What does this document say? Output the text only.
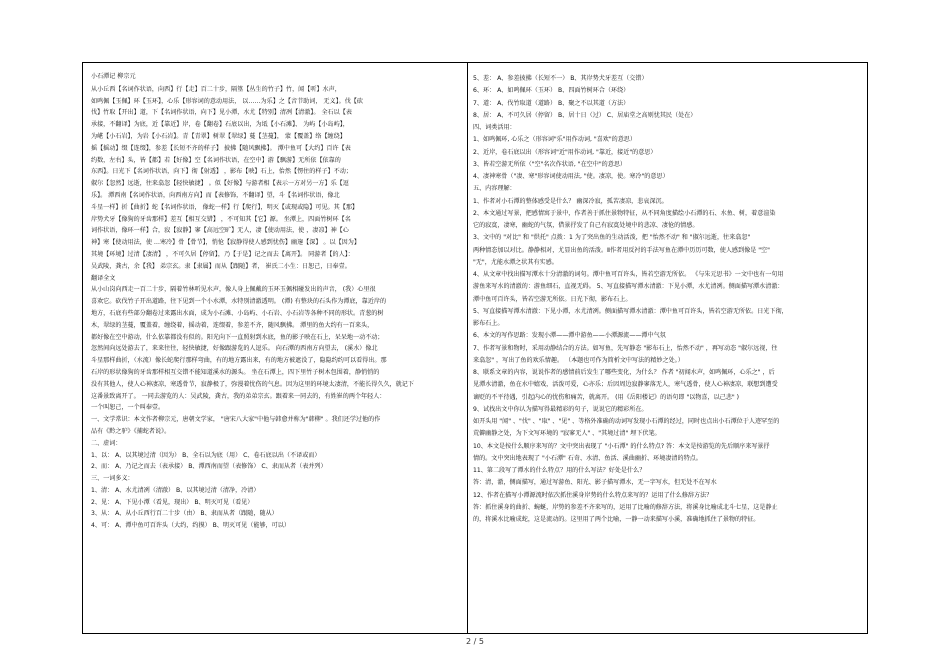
小石潭记 柳宗元
从小丘西【名词作状语，向西】行【走】百二十步，隔篁【丛生的竹子】竹，闻【听】水声，
如鸣佩【玉佩】环【玉环】，心乐【形容词的意动用法， 以……为乐】之【音节助词， 无义】。伐【砍
伐】竹取【开出】道，下【名词作状语，向下】见小潭，水尤【特别】清冽【清澈】。 全石以【表
承接，不翻译】为底，近【靠近】岸，卷【翻卷】石底以出，为坻【小石滩】、 为屿【小岛屿】，
为嵁【小石岩】，为岩【小石岩】。青【青翠】树翠【翠绿】蔓【茎蔓】， 蒙【覆盖】络【缠绕】
摇【摇动】缀【连缀】，参差【长短不齐的样子】 披拂【随风飘拂】。 潭中鱼可【大约】百许【表
约数，左右】头，皆【都】若【好像】空【名词作状语，在空中】游【飘游】无所依【依靠的
东西】。日光下【名词作状语，向下】彻【射透】 ，影布【映】石上，佁然【愣住的样子】不动；
俶尔【忽然】远逝，往来翕忽【轻快敏捷】 。似【好像】与游者相【表示一方对另一方】乐【逗
乐】。 潭西南【名词作状语，向西南方向】而【表修饰，不翻译】望，斗【名词作状语，像北
斗星一样】折【曲折】蛇【名词作状语， 像蛇一样】行【爬行】，明灭【或现或隐】可见。其【那】
岸势犬牙【像狗的牙齿那样】差互【相互交错】 ，不可知其【它】源。 坐潭上，四面竹树环【名
词作状语，像环一样】合，寂【寂静】寥【高远空旷】无人，凄【使动用法，使 ，凄凉】神【心
神】寒【使动用法，使 …寒冷】骨【骨节】，悄怆【寂静得使人感到忧伤】幽邃【深】 。以【因为】
其境【环境】过清【凄清】 ，不可久居【停留】，乃【于是】记之而去【离开】。 同游者【的人】：
吴武陵，龚古，余【我】 弟宗玄。隶【隶属】而从【跟随】者， 崔氏二小生：日恕己，日奉壹。
翻译全文
从小山岗向西走一百二十步，隔着竹林听见水声，像人身上佩戴的玉环玉佩相碰发出的声音， (我）心里很
喜欢它。砍伐竹子开出道路，往下见到一个小水潭，水特别清澈透明。 (潭) 有整块的石头作为潭底，靠近岸的
地方，石底有些部分翻卷过来露出水面，成为小石滩、小岛屿、小石岩、小石岩等各种不同的形状。青葱的树
木，翠绿的茎蔓，覆盖着，缠绕着，摇动着，连缀着，参差不齐，随风飘拂。 潭里的鱼大约有一百来头，
都好像在空中游动，什么依靠都没有似的。阳光向下一直照射到水底，鱼的影子映在石上，呆呆地一动不动；
忽然间向远处游去了，来来往往，轻快敏捷，好像跟游览的人逗乐。 向石潭的西南方向望去， (溪水）像北
斗星那样曲折，（水流）像长蛇爬行那样弯曲，有的地方露出来，有的地方被遮没了，隐隐约约可以看得出。那
石岸的形状像狗的牙齿那样相互交错不能知道溪水的源头。 坐在石潭上，四下里竹子树木包围着，静悄悄的
没有其他人，使人心神凄凉，寒透骨节，寂静极了，弥漫着忧伤的气息。因为这里的环境太凄清，不能长得久久，就记下
这番景致离开了。 一同去游览的人：吴武陵，龚古，我的弟弟宗玄。跟着来一同去的，有姓崔的两个年轻人：
一个叫恕己，一个叫奉壹。
一、文学常识：本文作者柳宗元，唐朝文学家， "唐宋八大家"中他与韩愈并称为"韩柳" 。我们还学过他的作
品有《黔之驴》《捕蛇者说》。
二、虚词：
1、以： A、以其境过清（因为） B、全石以为底（用） C、卷石底以出（不译或而）
2、而： A、乃记之而去（表承接） B、潭西南而望（表修饰） C、隶而从者（表并列）
三、一词多义：
1、清： A、水尤清冽（清澈） B、以其境过清（清净，冷清）
2、见： A、下见小潭（看见，现出） B、明灭可见（看见）
3、从： A、从小丘西行百二十步（由） B、隶而从者（跟随，随从）
4、可： A、潭中鱼可百许头（大约，约摸） B、明灭可见（能够，可以）
5、差： A、参差披拂（长短不一） B、其岸势犬牙差互（交错）
6、环： A、如鸣佩环（玉环） B、四面竹树环合（环绕）
7、道： A、伐竹取道（道路） B、聚之不以其道（方法）
8、居： A、不可久居（停留） B、居十日（过） C、居庙堂之高则忧其民（处在）
四、词类活用：
1、如鸣佩环, 心乐之（形容词"乐"用作动词, "喜欢"的意思）
2、近岸，卷石底以出（形容词"近"用作动词, "靠近，接近"的意思）
3、皆若空游无所依（"空"名次作状语, "在空中"的意思）
4、凄神寒骨（"凄、寒"形容词使动用法, "使。凄凉，使。寒冷"的意思）
五、内容理解：
1、作者对小石潭的整体感受是什么？ 幽深冷寂，孤苦凄凉，悲哀深沉。
2、本文通过写景，把感情寓于景中，作者善于抓住景物特征，从不同角度描绘小石潭的石、水鱼、树，着意渲染
它的寂寞，凄寒，幽蛇的气氛，借景抒发了自己有寂寞处境中的悲凉、凄怆的情感。
3、文中的 "对比" 和 "烘托" 点拨：1 为了突出鱼的生动活泼，把 "怡然不动" 和 "俶尔远逝，往来翕忽"
两种情态加以对比。静静相对，尤显出鱼的活泼。Ⅱ作者用反衬的手法写鱼在潭中历历可数，使人感到像是 "空"
"无"，尤能水潭之状其有实感。
4、从文章中找出描写潭水十分清澈的词句。潭中鱼可百许头，皆若空游无所依。 《与朱元思书》一文中也有一句用
游鱼来写水的清澈的：游鱼细石，直视无碍。 5、写直接描写潭水清澈：下见小潭，水尤清冽。侧面描写潭水清澈：
潭中鱼可百许头，皆若空游无所依。日光下彻，影布石上。
5、写直接描写潭水清澈：下见小潭，水尤清冽。侧面描写潭水清澈：潭中鱼可百许头，皆若空游无所依。日光下彻，
影布石上。
6、本文的写作思路：发现小潭——潭中游鱼——小潭源流——潭中气氛
7、作者写景和物时，采用动静结合的方法。如写鱼，先写静态 "影布石上，怡然不动" ，再写动态 "俶尔远视，往
来翕忽" ，写出了鱼的欢乐情趣。 （本题也可作为简析文中写法的精妙之处。）
8、联系文章的内容，说说作者的感情前后发生了哪些变化，为什么？ 作者 "初闻水声，如鸣佩环，心乐之" ，后
见潭水清澈，鱼在水中嬉戏，活泼可爱，心亦乐；后因周边寂静寥落无人，寒气透骨，使人心神凄凉，联想到遭受
谪贬的不平待遇，引起内心的忧伤和痛苦，就离开。 (用《岳阳楼记》的语句即 "以物喜，以己悲" )
9、试找出文中你认为描写得最精彩的句子，说说它的精彩所在。
如开头用 "闻" 、"伐" 、"取" 、"见" 、等格外准确的动词写发现小石潭的经过，同时也点出小石潭位于人迹罕至的
荒僻幽静之处，为下文写环境的 "寂寥无人" 、"其境过清" 埋下伏笔。
10、本文是按什么顺序来写的？文中突出表现了 "小石潭" 的什么特点? 答：本文是按游览的先后顺序来写景抒
情的。文中突出地表现了 "小石潭" 石奇、水清、鱼活、溪曲幽折、环境凄清的特点。
11、第二段写了潭水的什么特点？用的什么写法？好处是什么？
答：清，澈，侧面描写，通过写游鱼、阳光、影子描写潭水，无一字写水，但无处不在写水
12、作者在描写小潭源流时依次抓住溪身岸势的什么特点来写的？运用了什么修辞方法？
答：抓住溪身的曲折、蜿蜒，岸势的参差不齐来写的，运用了比喻的修辞方法，将溪身比喻成北斗七星，这是静止
的，将溪水比喻成蛇，这是流动的。这里用了两个比喻，一静一动来描写小溪，准确地抓住了景物的特征。
2 / 5
